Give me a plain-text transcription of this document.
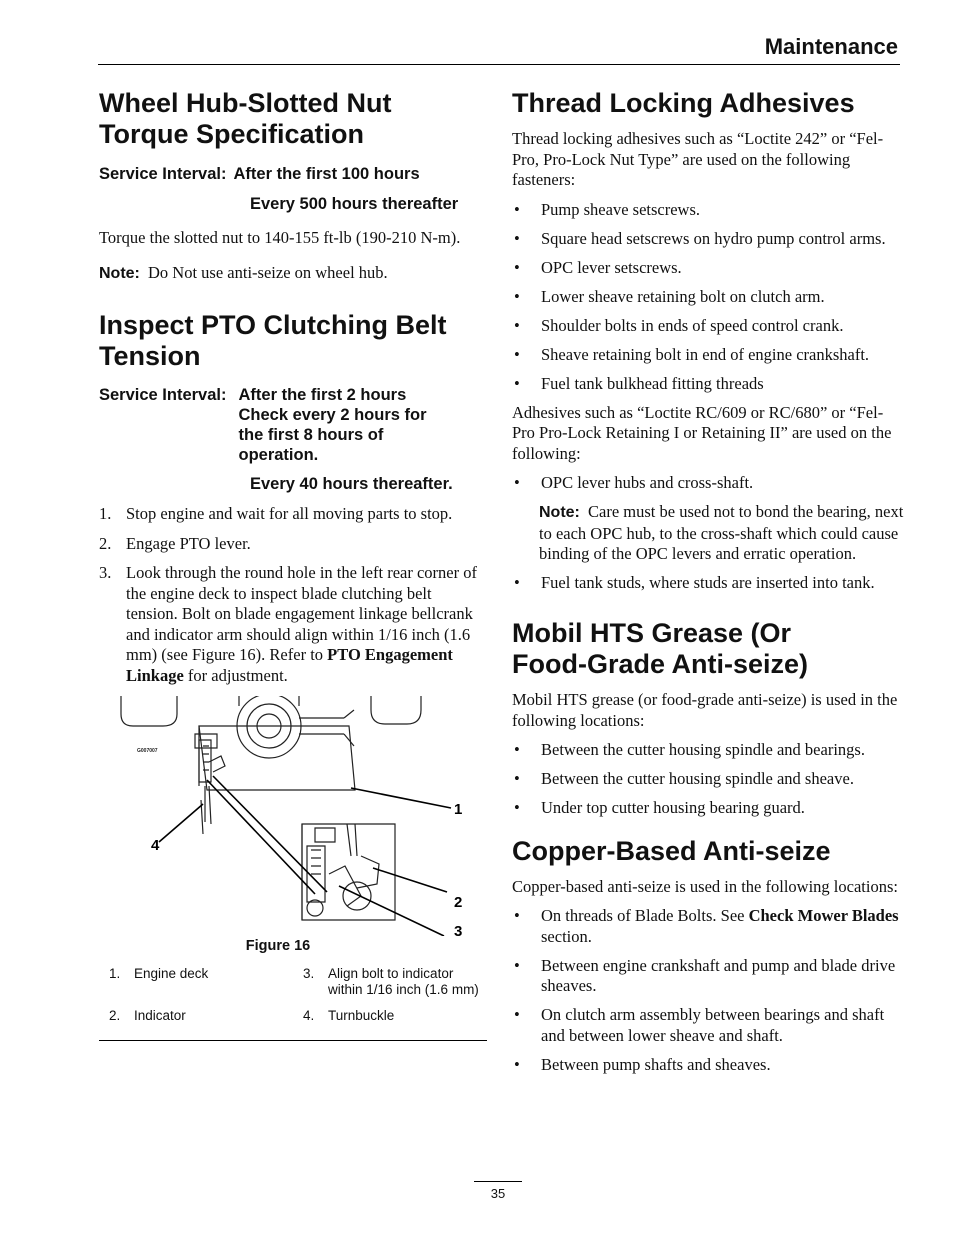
Maintenance
Wheel Hub-Slotted Nut
Torque Specification
Service Interval: After the first 100 hours
Every 500 hours thereafter

Torque the slotted nut to 140-155 ft-lb (190-210 N-m).

Note: Do Not use anti-seize on wheel hub.

Inspect PTO Clutching Belt
Tension
Service Interval: After the first 2 hours Check every 2 hours for the first 8 hours of operation.
Every 40 hours thereafter.
1. Stop engine and wait for all moving parts to stop.
2. Engage PTO lever.
3. Look through the round hole in the left rear corner of the engine deck to inspect blade clutching belt tension. Bolt on blade engagement linkage bellcrank and indicator arm should align within 1/16 inch (1.6 mm) (see Figure 16). Refer to PTO Engagement Linkage for adjustment.
G007007
1
2
3
4
Figure 16
1.	Engine deck	3.	Align bolt to indicator within 1/16 inch (1.6 mm)
2.	Indicator	4.	Turnbuckle
Thread Locking Adhesives

Thread locking adhesives such as “Loctite 242” or “Fel-Pro, Pro-Lock Nut Type” are used on the following fasteners:

•	Pump sheave setscrews.
•	Square head setscrews on hydro pump control arms.
•	OPC lever setscrews.
•	Lower sheave retaining bolt on clutch arm.
•	Shoulder bolts in ends of speed control crank.
•	Sheave retaining bolt in end of engine crankshaft.
•	Fuel tank bulkhead fitting threads

Adhesives such as “Loctite RC/609 or RC/680” or “Fel-Pro Pro-Lock Retaining I or Retaining II” are used on the following:

•	OPC lever hubs and cross-shaft.

Note: Care must be used not to bond the bearing, next to each OPC hub, to the cross-shaft which could cause binding of the OPC levers and erratic operation.

•	Fuel tank studs, where studs are inserted into tank.
Mobil HTS Grease (Or
Food-Grade Anti-seize)

Mobil HTS grease (or food-grade anti-seize) is used in the following locations:

•	Between the cutter housing spindle and bearings.
•	Between the cutter housing spindle and sheave.
•	Under top cutter housing bearing guard.
Copper-Based Anti-seize

Copper-based anti-seize is used in the following locations:

•	On threads of Blade Bolts. See Check Mower Blades section.
•	Between engine crankshaft and pump and blade drive sheaves.
•	On clutch arm assembly between bearings and shaft and between lower sheave and shaft.
•	Between pump shafts and sheaves.
35
